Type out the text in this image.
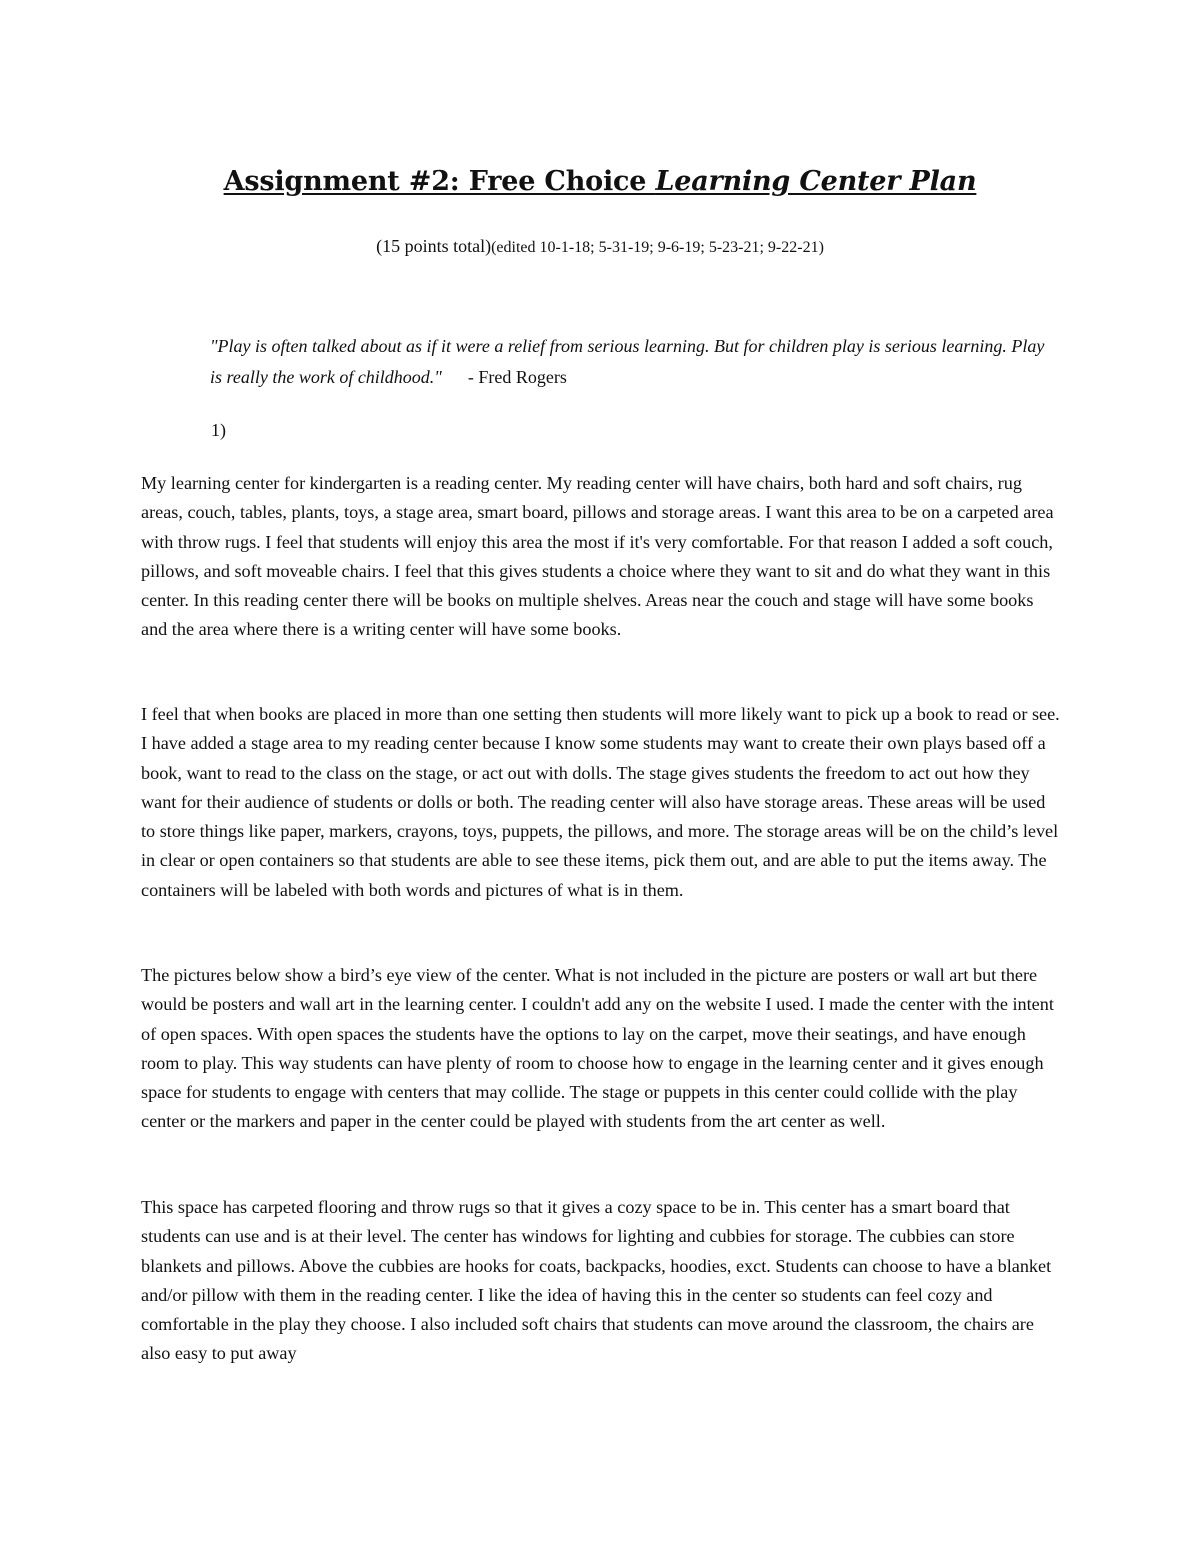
Assignment #2: Free Choice Learning Center Plan
(15 points total)(edited 10-1-18; 5-31-19; 9-6-19; 5-23-21; 9-22-21)
"Play is often talked about as if it were a relief from serious learning. But for children play is serious learning. Play is really the work of childhood." - Fred Rogers
1)

My learning center for kindergarten is a reading center. My reading center will have chairs, both hard and soft chairs, rug areas, couch, tables, plants, toys, a stage area, smart board, pillows and storage areas. I want this area to be on a carpeted area with throw rugs. I feel that students will enjoy this area the most if it's very comfortable. For that reason I added a soft couch, pillows, and soft moveable chairs. I feel that this gives students a choice where they want to sit and do what they want in this center. In this reading center there will be books on multiple shelves. Areas near the couch and stage will have some books and the area where there is a writing center will have some books.

I feel that when books are placed in more than one setting then students will more likely want to pick up a book to read or see. I have added a stage area to my reading center because I know some students may want to create their own plays based off a book, want to read to the class on the stage, or act out with dolls. The stage gives students the freedom to act out how they want for their audience of students or dolls or both. The reading center will also have storage areas. These areas will be used to store things like paper, markers, crayons, toys, puppets, the pillows, and more. The storage areas will be on the child’s level in clear or open containers so that students are able to see these items, pick them out, and are able to put the items away. The containers will be labeled with both words and pictures of what is in them.

The pictures below show a bird’s eye view of the center. What is not included in the picture are posters or wall art but there would be posters and wall art in the learning center. I couldn't add any on the website I used. I made the center with the intent of open spaces. With open spaces the students have the options to lay on the carpet, move their seatings, and have enough room to play. This way students can have plenty of room to choose how to engage in the learning center and it gives enough space for students to engage with centers that may collide. The stage or puppets in this center could collide with the play center or the markers and paper in the center could be played with students from the art center as well.

This space has carpeted flooring and throw rugs so that it gives a cozy space to be in. This center has a smart board that students can use and is at their level. The center has windows for lighting and cubbies for storage. The cubbies can store blankets and pillows. Above the cubbies are hooks for coats, backpacks, hoodies, exct. Students can choose to have a blanket and/or pillow with them in the reading center. I like the idea of having this in the center so students can feel cozy and comfortable in the play they choose. I also included soft chairs that students can move around the classroom, the chairs are also easy to put away
